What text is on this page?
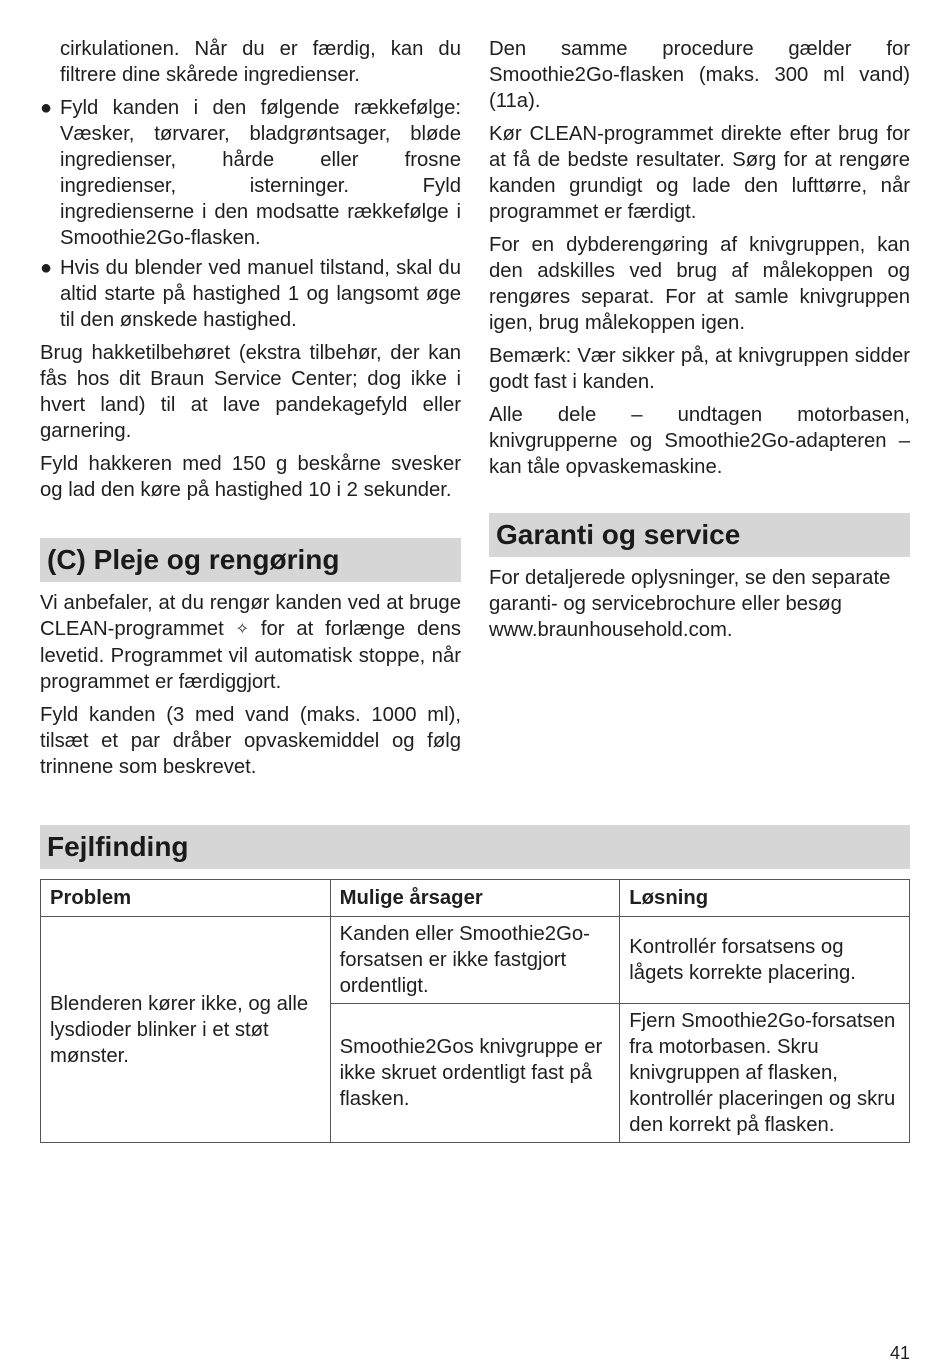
cirkulationen. Når du er færdig, kan du filtrere dine skårede ingredienser.

● Fyld kanden i den følgende rækkefølge: Væsker, tørvarer, bladgrøntsager, bløde ingredienser, hårde eller frosne ingredienser, isterninger. Fyld ingredienserne i den modsatte rækkefølge i Smoothie2Go-flasken.
● Hvis du blender ved manuel tilstand, skal du altid starte på hastighed 1 og langsomt øge til den ønskede hastighed.

Brug hakketilbehøret (ekstra tilbehør, der kan fås hos dit Braun Service Center; dog ikke i hvert land) til at lave pandekagefyld eller garnering.

Fyld hakkeren med 150 g beskårne svesker og lad den køre på hastighed 10 i 2 sekunder.

(C) Pleje og rengøring

Vi anbefaler, at du rengør kanden ved at bruge CLEAN-programmet ✧ for at forlænge dens levetid. Programmet vil automatisk stoppe, når programmet er færdiggjort.

Fyld kanden (3 med vand (maks. 1000 ml), tilsæt et par dråber opvaskemiddel og følg trinnene som beskrevet.

Den samme procedure gælder for Smoothie2Go-flasken (maks. 300 ml vand) (11a).

Kør CLEAN-programmet direkte efter brug for at få de bedste resultater. Sørg for at rengøre kanden grundigt og lade den lufttørre, når programmet er færdigt.

For en dybderengøring af knivgruppen, kan den adskilles ved brug af målekoppen og rengøres separat. For at samle knivgruppen igen, brug målekoppen igen.

Bemærk: Vær sikker på, at knivgruppen sidder godt fast i kanden.

Alle dele – undtagen motorbasen, knivgrupperne og Smoothie2Go-adapteren – kan tåle opvaskemaskine.

Garanti og service

For detaljerede oplysninger, se den separate garanti- og servicebrochure eller besøg www.braunhousehold.com.

Fejlfinding
Problem	Mulige årsager	Løsning
Blenderen kører ikke, og alle lysdioder blinker i et støt mønster.	Kanden eller Smoothie2Go-forsatsen er ikke fastgjort ordentligt.	Kontrollér forsatsens og lågets korrekte placering.
	Smoothie2Gos knivgruppe er ikke skruet ordentligt fast på flasken.	Fjern Smoothie2Go-forsatsen fra motorbasen. Skru knivgruppen af flasken, kontrollér placeringen og skru den korrekt på flasken.
41
